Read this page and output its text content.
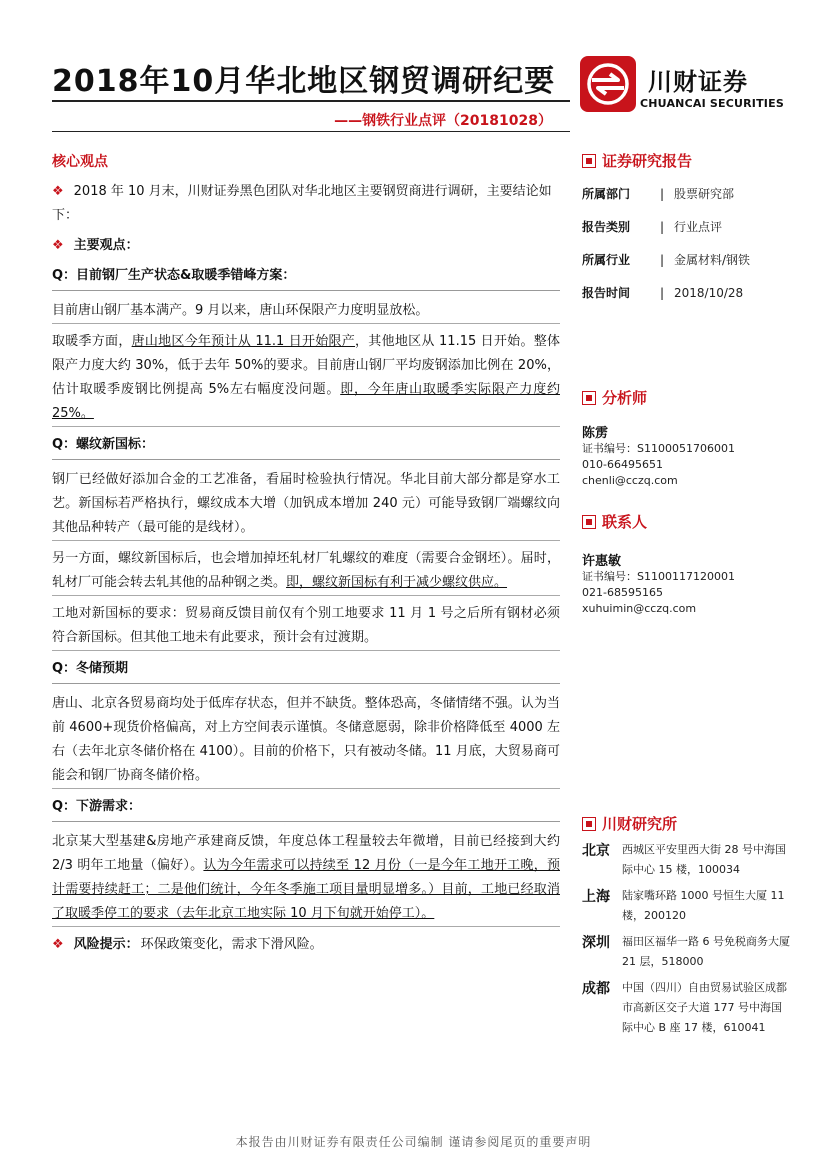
2018年10月华北地区钢贸调研纪要
——钢铁行业点评（20181028）
川财证券
CHUANCAI SECURITIES
核心观点

❖ 2018 年 10 月末，川财证券黑色团队对华北地区主要钢贸商进行调研，主要结论如下：

❖ 主要观点：
Q：目前钢厂生产状态&取暖季错峰方案：

目前唐山钢厂基本满产。9 月以来，唐山环保限产力度明显放松。

取暖季方面，唐山地区今年预计从 11.1 日开始限产，其他地区从 11.15 日开始。整体限产力度大约 30%，低于去年 50%的要求。目前唐山钢厂平均废钢添加比例在 20%，估计取暖季废钢比例提高 5%左右幅度没问题。即，今年唐山取暖季实际限产力度约 25%。

Q：螺纹新国标：

钢厂已经做好添加合金的工艺准备，看届时检验执行情况。华北目前大部分都是穿水工艺。新国标若严格执行，螺纹成本大增（加钒成本增加 240 元）可能导致钢厂端螺纹向其他品种转产（最可能的是线材）。

另一方面，螺纹新国标后，也会增加掉坯轧材厂轧螺纹的难度（需要合金钢坯）。届时，轧材厂可能会转去轧其他的品种钢之类。即，螺纹新国标有利于减少螺纹供应。

工地对新国标的要求：贸易商反馈目前仅有个别工地要求 11 月 1 号之后所有钢材必须符合新国标。但其他工地未有此要求，预计会有过渡期。

Q：冬储预期

唐山、北京各贸易商均处于低库存状态，但并不缺货。整体恐高，冬储情绪不强。认为当前 4600+现货价格偏高，对上方空间表示谨慎。冬储意愿弱，除非价格降低至 4000 左右（去年北京冬储价格在 4100）。目前的价格下，只有被动冬储。11 月底，大贸易商可能会和钢厂协商冬储价格。

Q：下游需求：

北京某大型基建&房地产承建商反馈，年度总体工程量较去年微增，目前已经接到大约 2/3 明年工地量（偏好）。认为今年需求可以持续至 12 月份（一是今年工地开工晚，预计需要持续赶工；二是他们统计，今年冬季施工项目量明显增多。）目前，工地已经取消了取暖季停工的要求（去年北京工地实际 10 月下旬就开始停工）。

❖ 风险提示： 环保政策变化，需求下滑风险。

证券研究报告
所属部门	| 股票研究部
报告类别	| 行业点评
所属行业	| 金属材料/钢铁
报告时间	| 2018/10/28
分析师
陈雳
证书编号：S1100051706001
010-66495651
chenli@cczq.com
联系人
许惠敏
证书编号：S1100117120001
021-68595165
xuhuimin@cczq.com
川财研究所
北京	西城区平安里西大街 28 号中海国际中心 15 楼，100034
上海	陆家嘴环路 1000 号恒生大厦 11 楼，200120
深圳	福田区福华一路 6 号免税商务大厦 21 层，518000
成都	中国（四川）自由贸易试验区成都市高新区交子大道 177 号中海国际中心 B 座 17 楼，610041
本报告由川财证券有限责任公司编制 谨请参阅尾页的重要声明
